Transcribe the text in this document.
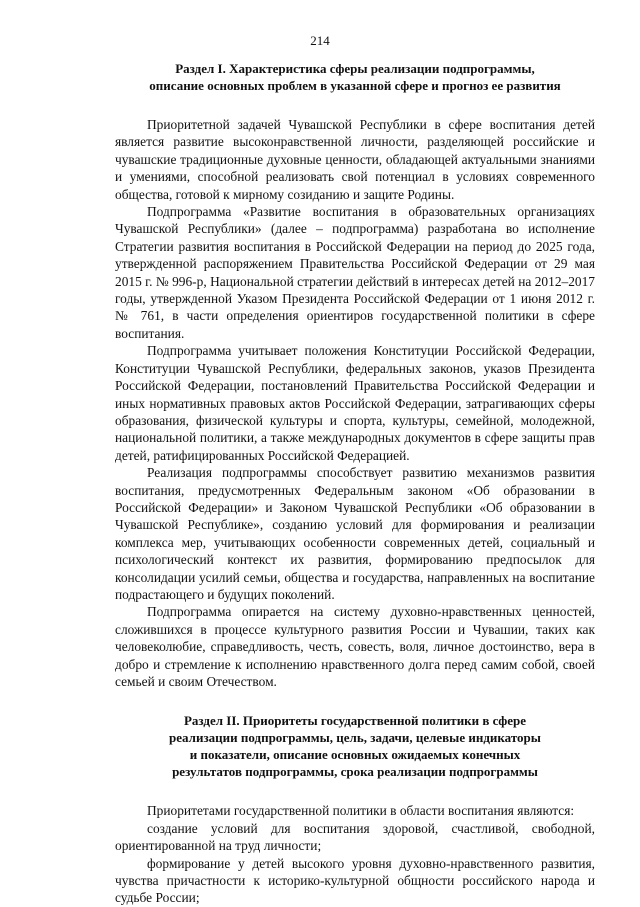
214
Раздел I. Характеристика сферы реализации подпрограммы,
описание основных проблем в указанной сфере и прогноз ее развития

Приоритетной задачей Чувашской Республики в сфере воспитания детей является развитие высоконравственной личности, разделяющей российские и чувашские традиционные духовные ценности, обладающей актуальными знаниями и умениями, способной реализовать свой потенциал в условиях современного общества, готовой к мирному созиданию и защите Родины.

Подпрограмма «Развитие воспитания в образовательных организациях Чувашской Республики» (далее – подпрограмма) разработана во исполнение Стратегии развития воспитания в Российской Федерации на период до 2025 года, утвержденной распоряжением Правительства Российской Федерации от 29 мая 2015 г. № 996-р, Национальной стратегии действий в интересах детей на 2012–2017 годы, утвержденной Указом Президента Российской Федерации от 1 июня 2012 г. № 761, в части определения ориентиров государственной политики в сфере воспитания.

Подпрограмма учитывает положения Конституции Российской Федерации, Конституции Чувашской Республики, федеральных законов, указов Президента Российской Федерации, постановлений Правительства Российской Федерации и иных нормативных правовых актов Российской Федерации, затрагивающих сферы образования, физической культуры и спорта, культуры, семейной, молодежной, национальной политики, а также международных документов в сфере защиты прав детей, ратифицированных Российской Федерацией.

Реализация подпрограммы способствует развитию механизмов развития воспитания, предусмотренных Федеральным законом «Об образовании в Российской Федерации» и Законом Чувашской Республики «Об образовании в Чувашской Республике», созданию условий для формирования и реализации комплекса мер, учитывающих особенности современных детей, социальный и психологический контекст их развития, формированию предпосылок для консолидации усилий семьи, общества и государства, направленных на воспитание подрастающего и будущих поколений.

Подпрограмма опирается на систему духовно-нравственных ценностей, сложившихся в процессе культурного развития России и Чувашии, таких как человеколюбие, справедливость, честь, совесть, воля, личное достоинство, вера в добро и стремление к исполнению нравственного долга перед самим собой, своей семьей и своим Отечеством.

Раздел II. Приоритеты государственной политики в сфере
реализации подпрограммы, цель, задачи, целевые индикаторы
и показатели, описание основных ожидаемых конечных
результатов подпрограммы, срока реализации подпрограммы

Приоритетами государственной политики в области воспитания являются:

создание условий для воспитания здоровой, счастливой, свободной, ориентированной на труд личности;

формирование у детей высокого уровня духовно-нравственного развития, чувства причастности к историко-культурной общности российского народа и судьбе России;
